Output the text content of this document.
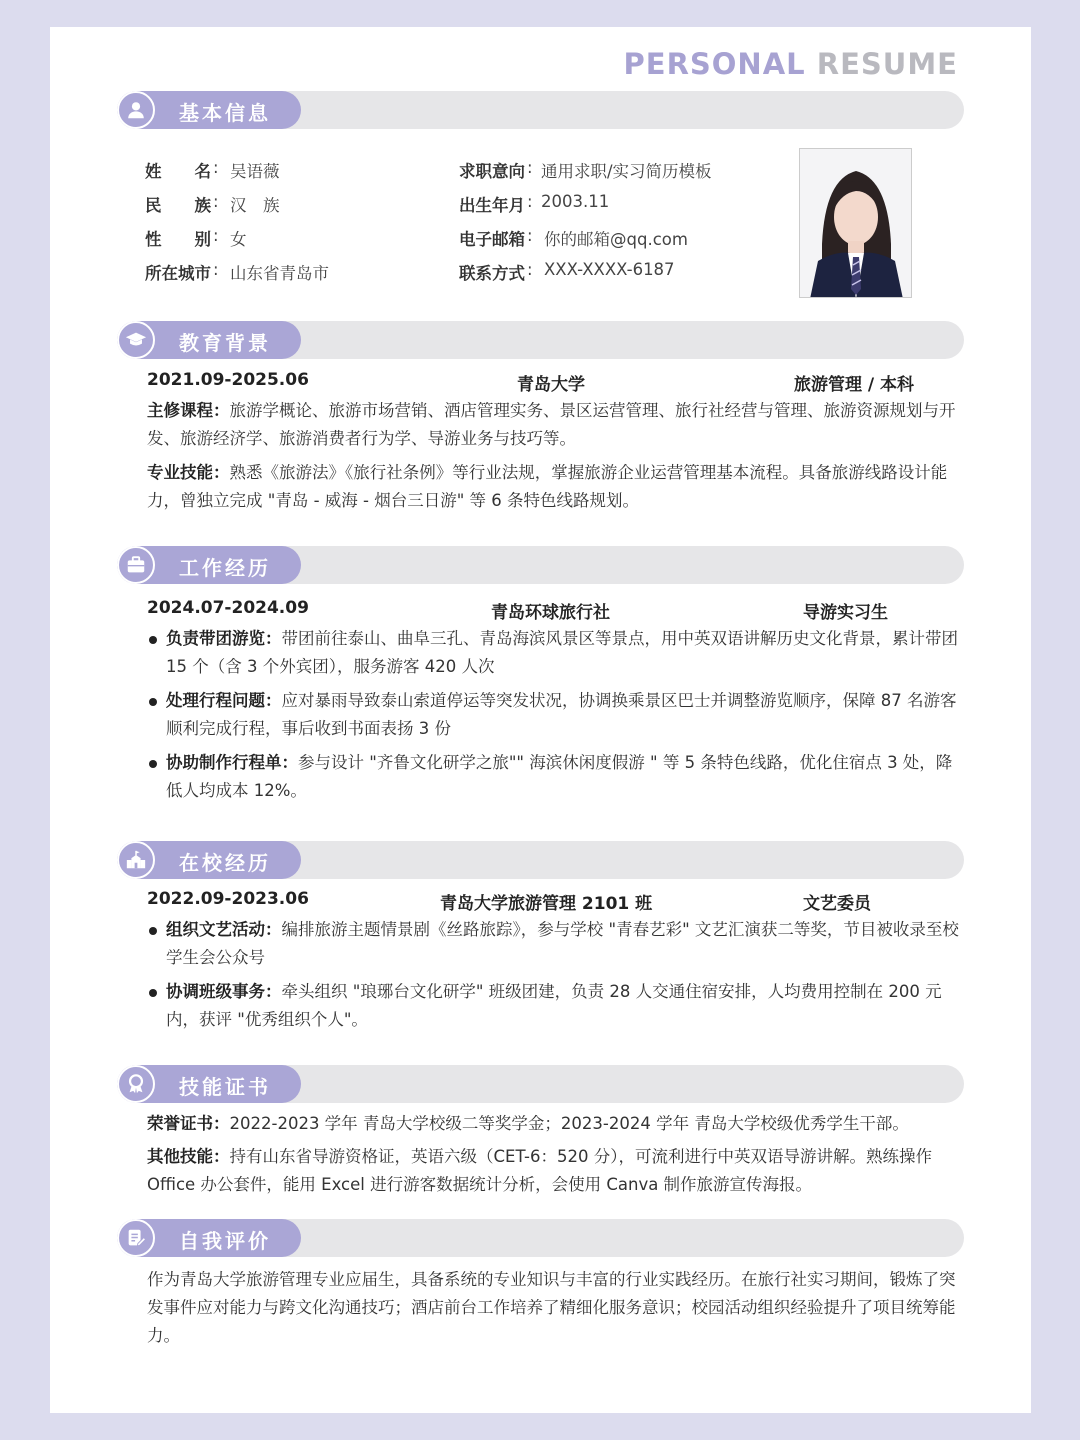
PERSONAL RESUME
基本信息
姓　　名 : 吴语薇
民　　族 : 汉　族
性　　别 : 女
所在城市 : 山东省青岛市
求职意向 : 通用求职/实习简历模板
出生年月 : 2003.11
电子邮箱 : 你的邮箱@qq.com
联系方式 : XXX-XXXX-6187
教育背景
2021.09-2025.06	青岛大学	旅游管理 / 本科
主修课程：旅游学概论、旅游市场营销、酒店管理实务、景区运营管理、旅行社经营与管理、旅游资源规划与开发、旅游经济学、旅游消费者行为学、导游业务与技巧等。
专业技能：熟悉《旅游法》《旅行社条例》等行业法规，掌握旅游企业运营管理基本流程。具备旅游线路设计能力，曾独立完成 "青岛 - 威海 - 烟台三日游" 等 6 条特色线路规划。
工作经历
2024.07-2024.09	青岛环球旅行社	导游实习生
负责带团游览：带团前往泰山、曲阜三孔、青岛海滨风景区等景点，用中英双语讲解历史文化背景，累计带团 15 个（含 3 个外宾团），服务游客 420 人次
处理行程问题：应对暴雨导致泰山索道停运等突发状况，协调换乘景区巴士并调整游览顺序，保障 87 名游客顺利完成行程，事后收到书面表扬 3 份
协助制作行程单：参与设计 "齐鲁文化研学之旅"" 海滨休闲度假游 " 等 5 条特色线路，优化住宿点 3 处，降低人均成本 12%。
在校经历
2022.09-2023.06	青岛大学旅游管理 2101 班	文艺委员
组织文艺活动：编排旅游主题情景剧《丝路旅踪》，参与学校 "青春艺彩" 文艺汇演获二等奖，节目被收录至校学生会公众号
协调班级事务：牵头组织 "琅琊台文化研学" 班级团建，负责 28 人交通住宿安排，人均费用控制在 200 元内，获评 "优秀组织个人"。
技能证书
荣誉证书：2022-2023 学年 青岛大学校级二等奖学金；2023-2024 学年 青岛大学校级优秀学生干部。
其他技能：持有山东省导游资格证，英语六级（CET-6：520 分），可流利进行中英双语导游讲解。熟练操作 Office 办公套件，能用 Excel 进行游客数据统计分析，会使用 Canva 制作旅游宣传海报。
自我评价
作为青岛大学旅游管理专业应届生，具备系统的专业知识与丰富的行业实践经历。在旅行社实习期间，锻炼了突发事件应对能力与跨文化沟通技巧；酒店前台工作培养了精细化服务意识；校园活动组织经验提升了项目统筹能力。
